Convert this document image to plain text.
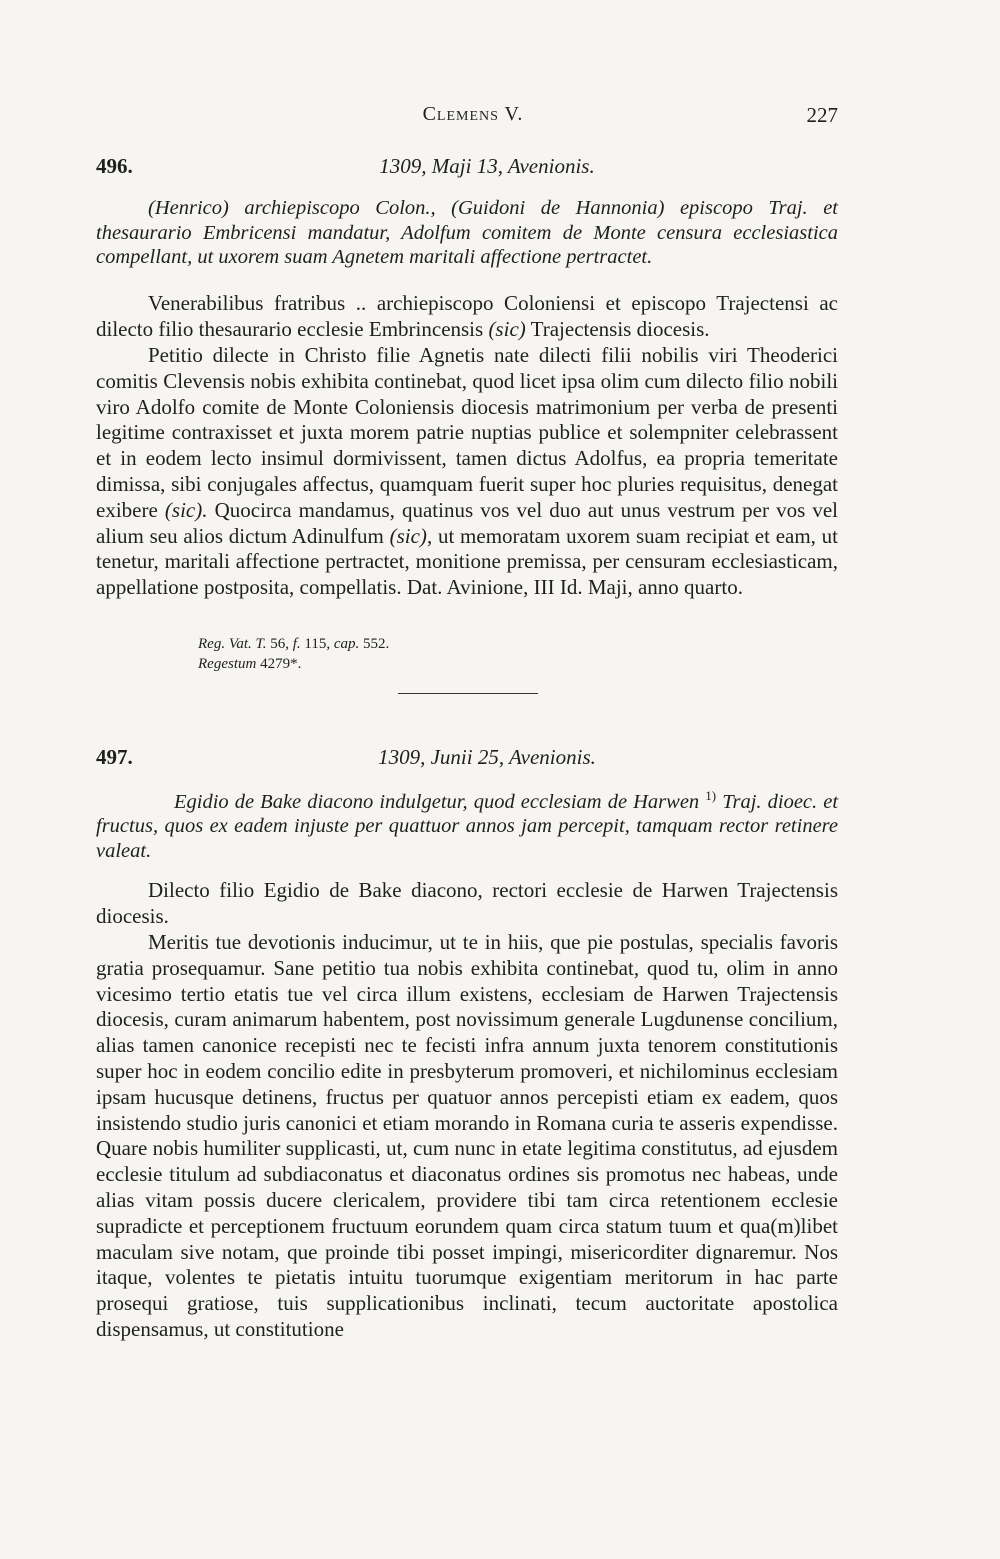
Clemens V.	227
496.	1309, Maji 13, Avenionis.

(Henrico) archiepiscopo Colon., (Guidoni de Hannonia) episcopo Traj. et thesaurario Embricensi mandatur, Adolfum comitem de Monte censura ecclesiastica compellant, ut uxorem suam Agnetem maritali affectione pertractet.

Venerabilibus fratribus .. archiepiscopo Coloniensi et episcopo Trajectensi ac dilecto filio thesaurario ecclesie Embrincensis (sic) Trajectensis diocesis.

Petitio dilecte in Christo filie Agnetis nate dilecti filii nobilis viri Theoderici comitis Clevensis nobis exhibita continebat, quod licet ipsa olim cum dilecto filio nobili viro Adolfo comite de Monte Coloniensis diocesis matrimonium per verba de presenti legitime contraxisset et juxta morem patrie nuptias publice et solempniter celebrassent et in eodem lecto insimul dormivissent, tamen dictus Adolfus, ea propria temeritate dimissa, sibi conjugales affectus, quamquam fuerit super hoc pluries requisitus, denegat exibere (sic). Quocirca mandamus, quatinus vos vel duo aut unus vestrum per vos vel alium seu alios dictum Adinulfum (sic), ut memoratam uxorem suam recipiat et eam, ut tenetur, maritali affectione pertractet, monitione premissa, per censuram ecclesiasticam, appellatione postposita, compellatis. Dat. Avinione, III Id. Maji, anno quarto.

Reg. Vat. T. 56, f. 115, cap. 552.

Regestum 4279*.

497.	1309, Junii 25, Avenionis.

Egidio de Bake diacono indulgetur, quod ecclesiam de Harwen $^{1)}$ Traj. dioec. et fructus, quos ex eadem injuste per quattuor annos jam percepit, tamquam rector retinere valeat.

Dilecto filio Egidio de Bake diacono, rectori ecclesie de Harwen Trajectensis diocesis.

Meritis tue devotionis inducimur, ut te in hiis, que pie postulas, specialis favoris gratia prosequamur. Sane petitio tua nobis exhibita continebat, quod tu, olim in anno vicesimo tertio etatis tue vel circa illum existens, ecclesiam de Harwen Trajectensis diocesis, curam animarum habentem, post novissimum generale Lugdunense concilium, alias tamen canonice recepisti nec te fecisti infra annum juxta tenorem constitutionis super hoc in eodem concilio edite in presbyterum promoveri, et nichilominus ecclesiam ipsam hucusque detinens, fructus per quatuor annos percepisti etiam ex eadem, quos insistendo studio juris canonici et etiam morando in Romana curia te asseris expendisse. Quare nobis humiliter supplicasti, ut, cum nunc in etate legitima constitutus, ad ejusdem ecclesie titulum ad subdiaconatus et diaconatus ordines sis promotus nec habeas, unde alias vitam possis ducere clericalem, providere tibi tam circa retentionem ecclesie supradicte et perceptionem fructuum eorundem quam circa statum tuum et qua(m)libet maculam sive notam, que proinde tibi posset impingi, misericorditer dignaremur. Nos itaque, volentes te pietatis intuitu tuorumque exigentiam meritorum in hac parte prosequi gratiose, tuis supplicationibus inclinati, tecum auctoritate apostolica dispensamus, ut constitutione
